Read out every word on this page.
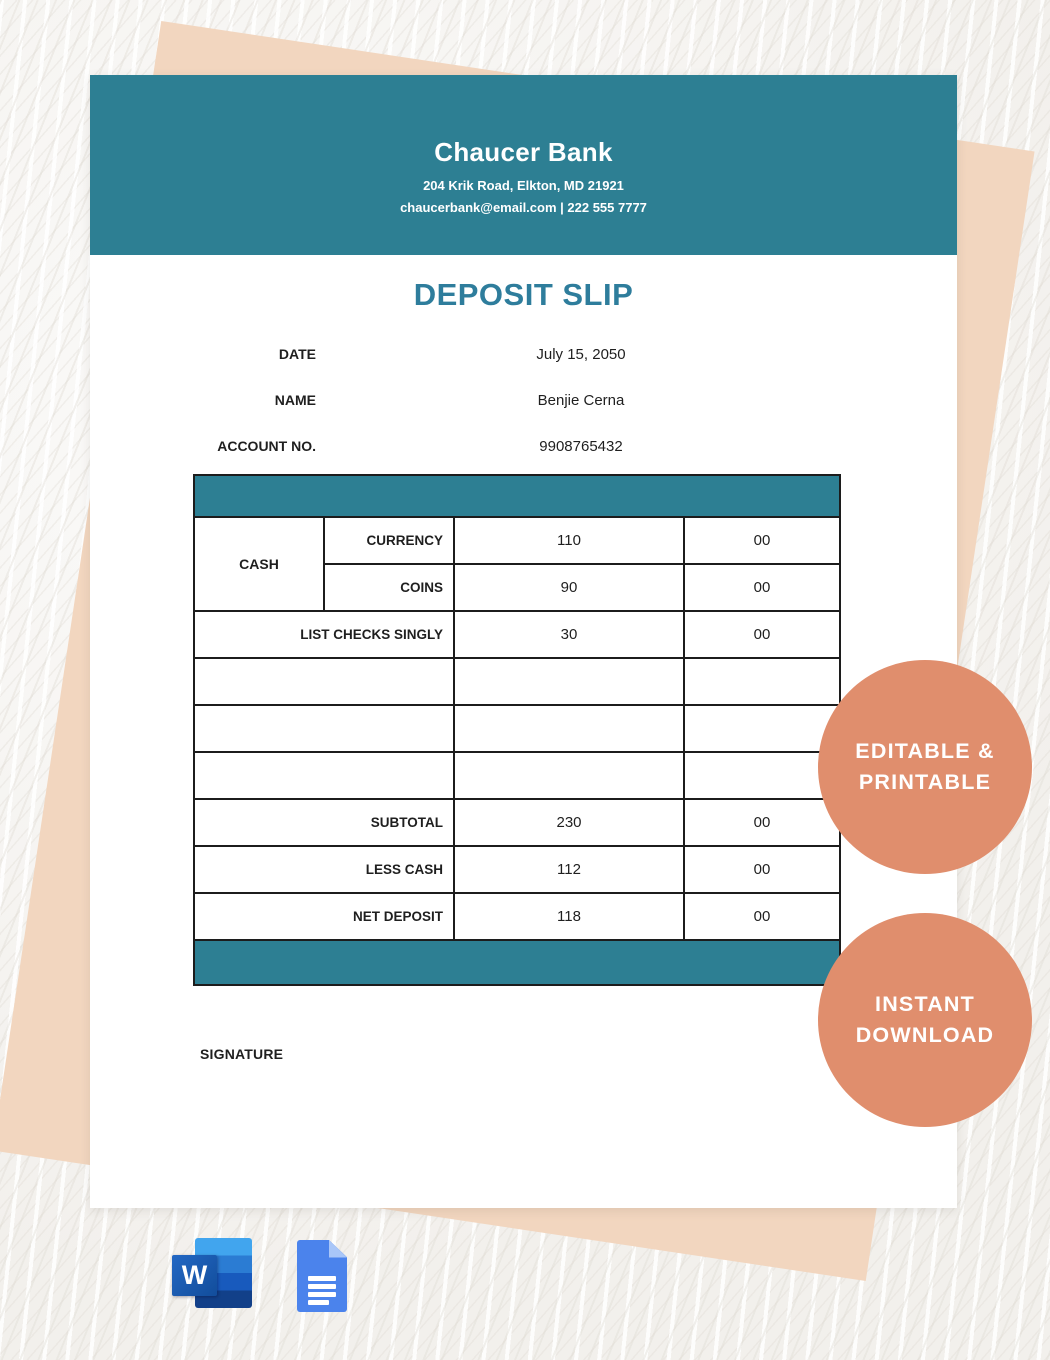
Chaucer Bank
204 Krik Road, Elkton, MD 21921
chaucerbank@email.com | 222 555 7777
DEPOSIT SLIP
DATE	July 15, 2050
NAME	Benjie Cerna
ACCOUNT NO.	9908765432

CASH	CURRENCY	110	00
	COINS	90	00
LIST CHECKS SINGLY		30	00

SUBTOTAL		230	00
LESS CASH		112	00
NET DEPOSIT		118	00

SIGNATURE
EDITABLE &
PRINTABLE
INSTANT
DOWNLOAD
W
